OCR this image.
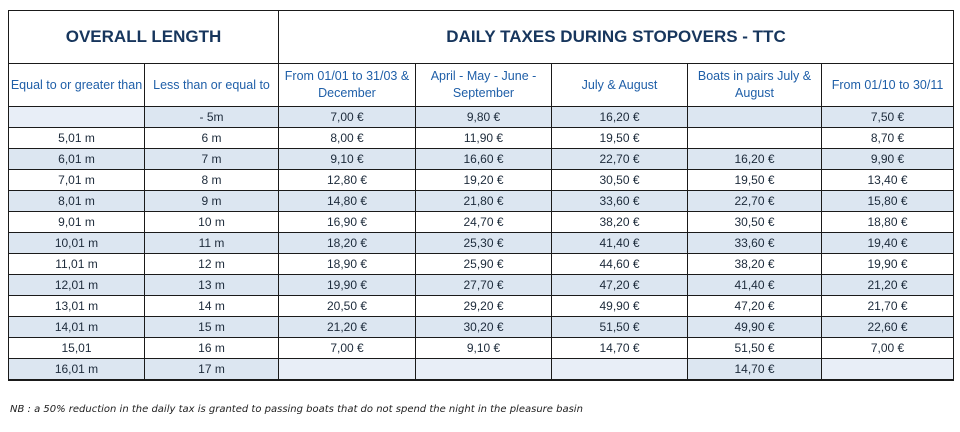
OVERALL LENGTH		DAILY TAXES DURING STOPOVERS - TTC				
Equal to or greater than	Less than or equal to	From 01/01 to 31/03 & December	April - May - June - September	July & August	Boats in pairs July & August	From 01/10 to 30/11
	- 5m	7,00 €	9,80 €	16,20 €		7,50 €
5,01 m	6 m	8,00 €	11,90 €	19,50 €		8,70 €
6,01 m	7 m	9,10 €	16,60 €	22,70 €	16,20 €	9,90 €
7,01 m	8 m	12,80 €	19,20 €	30,50 €	19,50 €	13,40 €
8,01 m	9 m	14,80 €	21,80 €	33,60 €	22,70 €	15,80 €
9,01 m	10 m	16,90 €	24,70 €	38,20 €	30,50 €	18,80 €
10,01 m	11 m	18,20 €	25,30 €	41,40 €	33,60 €	19,40 €
11,01 m	12 m	18,90 €	25,90 €	44,60 €	38,20 €	19,90 €
12,01 m	13 m	19,90 €	27,70 €	47,20 €	41,40 €	21,20 €
13,01 m	14 m	20,50 €	29,20 €	49,90 €	47,20 €	21,70 €
14,01 m	15 m	21,20 €	30,20 €	51,50 €	49,90 €	22,60 €
15,01	16 m	7,00 €	9,10 €	14,70 €	51,50 €	7,00 €
16,01 m	17 m				14,70 €	
NB : a 50% reduction in the daily tax is granted to passing boats that do not spend the night in the pleasure basin
